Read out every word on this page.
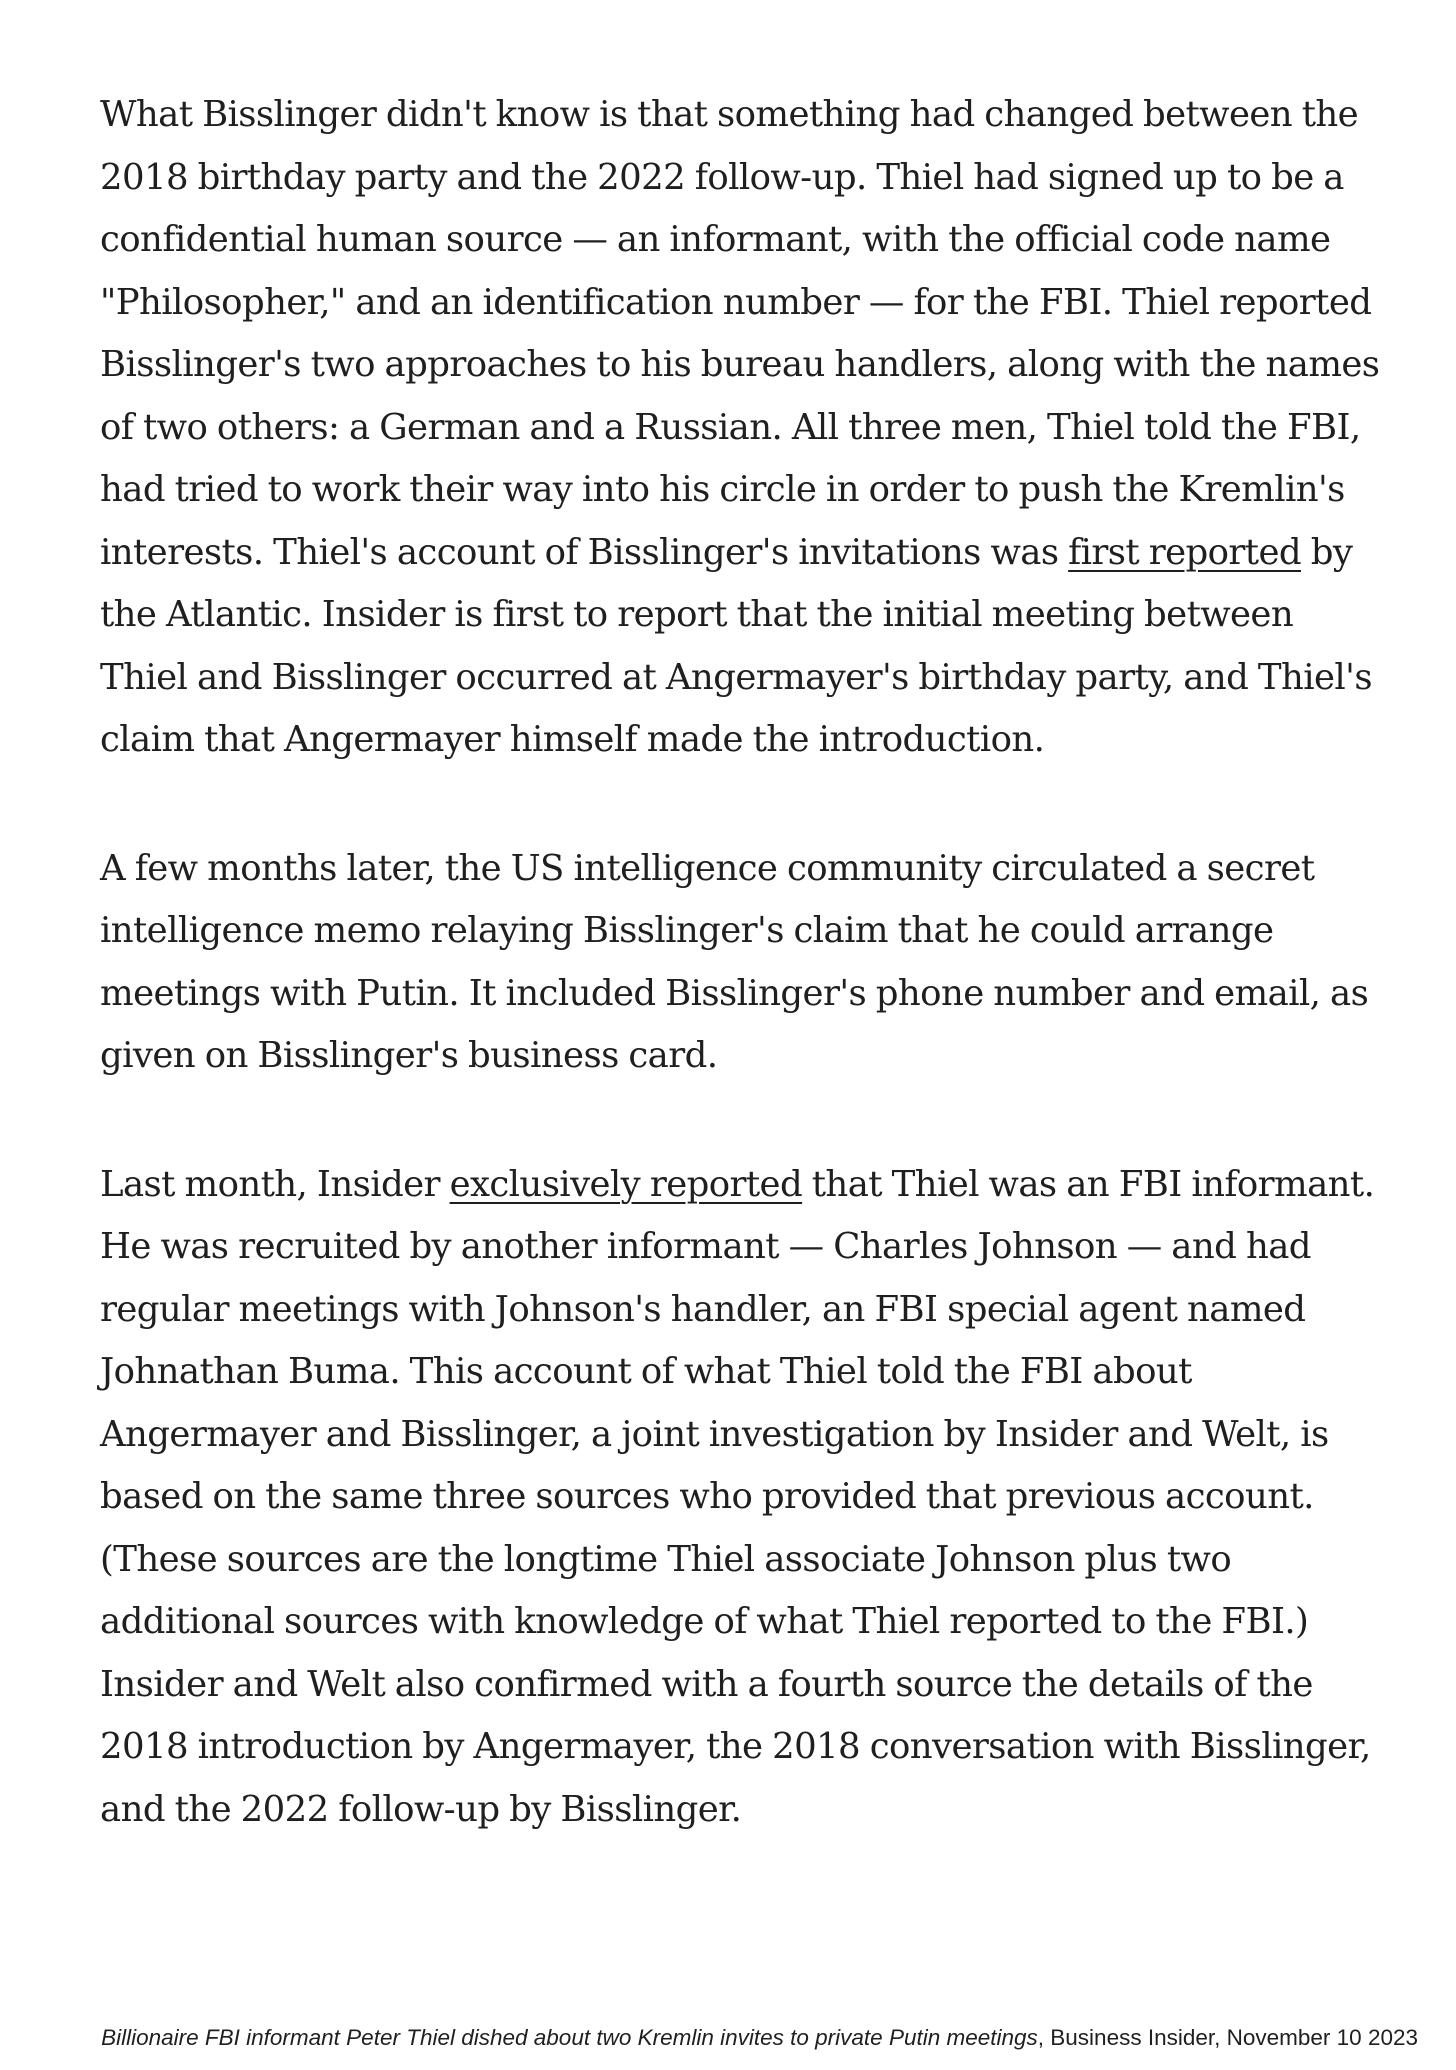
What Bisslinger didn't know is that something had changed between the 2018 birthday party and the 2022 follow-up. Thiel had signed up to be a confidential human source — an informant, with the official code name "Philosopher," and an identification number — for the FBI. Thiel reported Bisslinger's two approaches to his bureau handlers, along with the names of two others: a German and a Russian. All three men, Thiel told the FBI, had tried to work their way into his circle in order to push the Kremlin's interests. Thiel's account of Bisslinger's invitations was first reported by the Atlantic. Insider is first to report that the initial meeting between Thiel and Bisslinger occurred at Angermayer's birthday party, and Thiel's claim that Angermayer himself made the introduction.

A few months later, the US intelligence community circulated a secret intelligence memo relaying Bisslinger's claim that he could arrange meetings with Putin. It included Bisslinger's phone number and email, as given on Bisslinger's business card.

Last month, Insider exclusively reported that Thiel was an FBI informant. He was recruited by another informant — Charles Johnson — and had regular meetings with Johnson's handler, an FBI special agent named Johnathan Buma. This account of what Thiel told the FBI about Angermayer and Bisslinger, a joint investigation by Insider and Welt, is based on the same three sources who provided that previous account. (These sources are the longtime Thiel associate Johnson plus two additional sources with knowledge of what Thiel reported to the FBI.) Insider and Welt also confirmed with a fourth source the details of the 2018 introduction by Angermayer, the 2018 conversation with Bisslinger, and the 2022 follow-up by Bisslinger.

Billionaire FBI informant Peter Thiel dished about two Kremlin invites to private Putin meetings, Business Insider, November 10 2023
